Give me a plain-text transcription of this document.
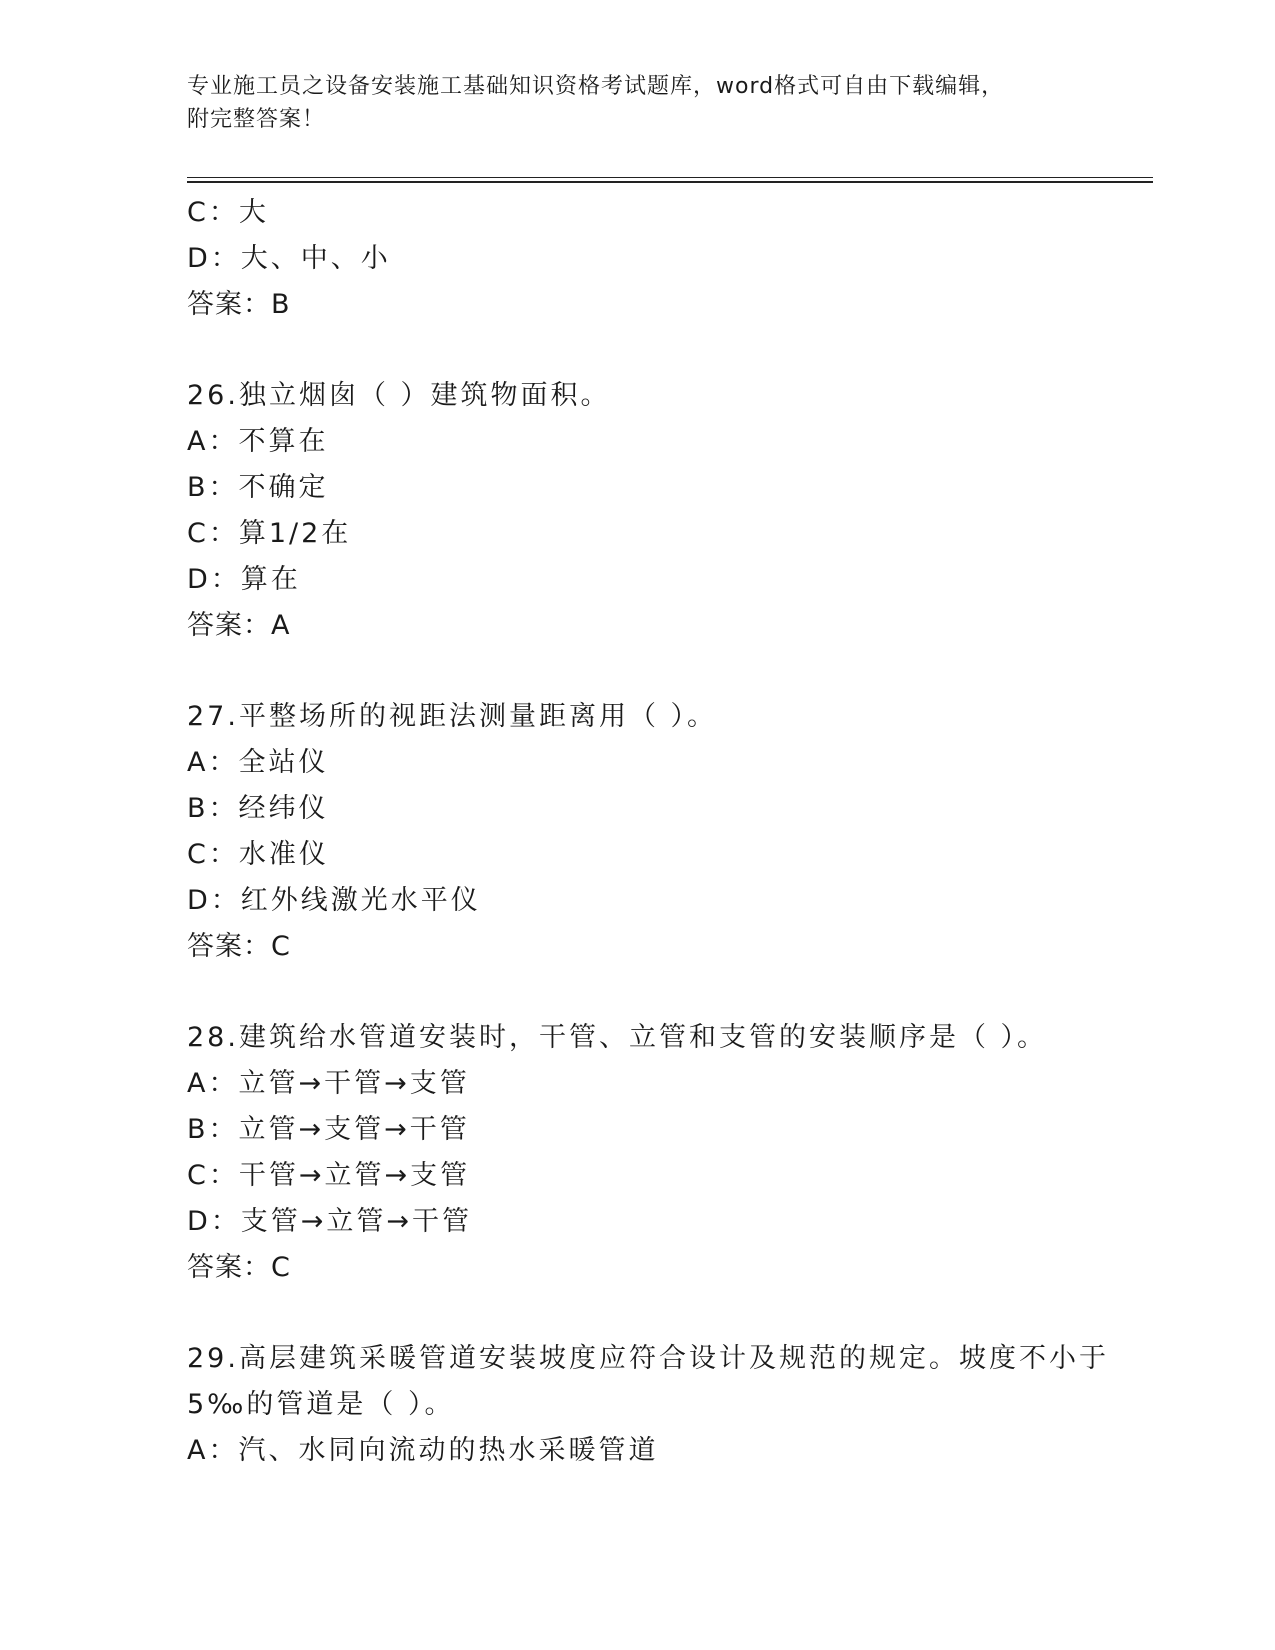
专业施工员之设备安装施工基础知识资格考试题库，word格式可自由下载编辑，
附完整答案！
C：大
D：大、中、小
答案：B
26.独立烟囱（ ）建筑物面积。
A：不算在
B：不确定
C：算1/2在
D：算在
答案：A
27.平整场所的视距法测量距离用（ ）。
A：全站仪
B：经纬仪
C：水准仪
D：红外线激光水平仪
答案：C
28.建筑给水管道安装时，干管、立管和支管的安装顺序是（ ）。
A：立管→干管→支管
B：立管→支管→干管
C：干管→立管→支管
D：支管→立管→干管
答案：C
29.高层建筑采暖管道安装坡度应符合设计及规范的规定。坡度不小于
5‰的管道是（ ）。
A：汽、水同向流动的热水采暖管道
